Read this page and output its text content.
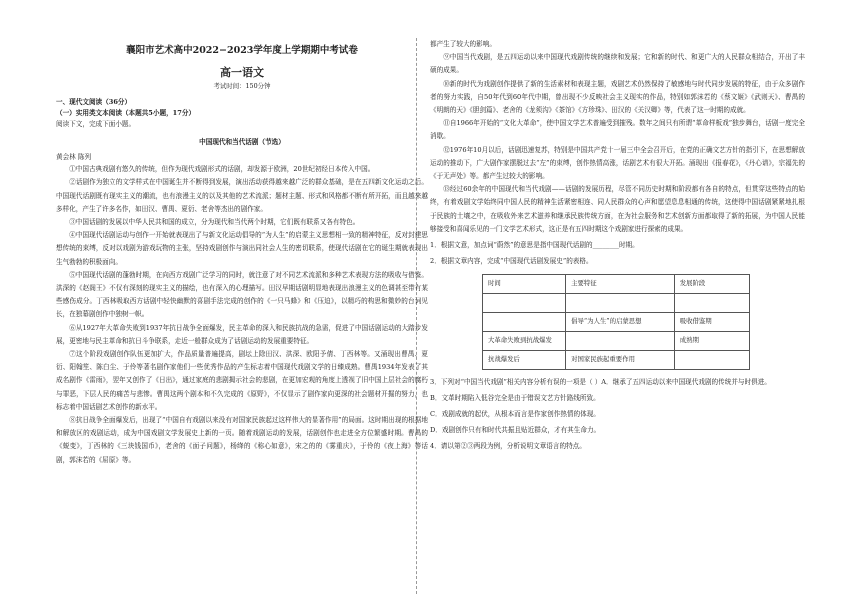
襄阳市艺术高中2022−2023学年度上学期期中考试卷
高一语文
考试时间：150分钟
一、现代文阅读（36分）
（一）实用类文本阅读（本题共5小题，17分）
阅读下文，完成下面小题。
中国现代和当代话剧（节选）
黄会林 陈列

①中国古典戏剧有悠久的传统，但作为现代戏剧形式的话剧，却发源于欧洲，20世纪初经日本传入中国。

②话剧作为独立的文学样式在中国诞生并不断得到发展，演出活动获得越来越广泛的群众基础，是在五四新文化运动之后。中国现代话剧既有现实主义的潮流，也有浪漫主义的以及其他的艺术流派；题材主题、形式和风格都不断有所开拓，而且越来越多样化，产生了许多名作，如田汉、曹禺、夏衍、老舍等杰出的剧作家。

③中国话剧的发展以中华人民共和国的成立，分为现代和当代两个时期，它们既有联系又各有特色。

④中国现代话剧运动与创作一开始就表现出了与新文化运动倡导的“为人生”的启蒙主义思想相一致的精神特征，反对封建思想传统的束缚，反对以戏剧为游戏玩物的主张，坚持戏剧创作与演出同社会人生的密切联系，使现代话剧在它的诞生期就表现出生气勃勃的积极面向。

⑤中国现代话剧的蓬勃时期，在向西方戏剧广泛学习的同时，就注意了对不同艺术流派和多种艺术表现方法的吸收与借鉴。洪深的《赵阁王》不仅有深刻的现实主义的描绘，也有深入的心理描写。田汉早期话剧明显地表现出浪漫主义的色调甚至带有某些感伤成分。丁西林吸取西方话剧中轻快幽默的喜剧手法完成的创作的《一只马蜂》和《压迫》，以精巧的构思和微妙的台词见长，在独幕剧创作中独树一帜。

⑥从1927年大革命失败到1937年抗日战争全面爆发，民主革命的深入和民族抗战的急需，促进了中国话剧运动的大踏步发展，更密地与民主革命和抗日斗争联系，走近一般群众成为了话剧运动的发展重要特征。

⑦这个阶段戏剧创作队伍更加扩大，作品质量普遍提高，剧坛上除田汉、洪深、欧阳予倩、丁西林等。又涌现出曹禺、夏衍、阳翰笙、陈白尘、于伶等著名剧作家他们一些优秀作品的产生标志着中国现代戏剧文学的日臻成熟。曹禺1934年发表了其成名剧作《雷雨》，翌年又创作了《日出》，通过家庭的悲剧揭示社会的悲剧，在更加宏观的角度上透视了旧中国上层社会的腐朽与罪恶，下层人民的痛苦与悲惨。曹禺这两个剧本和不久完成的《原野》，不仅显示了剧作家向更深的社会题材开掘的努力，也标志着中国话剧艺术创作的新水平。

⑧抗日战争全面爆发后，出现了“中国自有戏剧以来没有对国家民族起过这样伟大的显著作用”的局面。这时期出现的根据地和解放区的戏剧运动，成为中国戏剧文学发展史上新的一页。随着戏剧运动的发展，话剧创作也走进全方位繁盛时期。曹禺的《蜕变》，丁西林的《三块钱国币》，老舍的《面子问题》，杨绛的《称心如意》，宋之的的《雾重庆》，于伶的《夜上海》等话剧，郭沫若的《屈原》等。

都产生了较大的影响。

⑨中国当代戏剧，是五四运动以来中国现代戏剧传统的继续和发展；它和新的时代、和更广大的人民群众相结合，开出了丰硕的成果。

⑩新的时代为戏剧创作提供了新的生活素材和表现主题，戏剧艺术仍然保持了敏感地与时代同步发展的特征，由于众多剧作者的努力实践，自50年代到60年代中期，曾出现不少反映社会主义现实的作品，特别如郭沫若的《蔡文姬》《武则天》、曹禺的《明朗的天》《胆剑篇》、老舍的《龙须沟》《茶馆》《方珍珠》、田汉的《关汉卿》等，代表了这一时期的成就。

⑪自1966年开始的“文化大革命”，使中国文学艺术普遍受到摧残。数年之间只有所谓“革命样板戏”独步舞台，话剧一度完全消歇。

⑫1976年10月以后，话剧迅速复苏，特别是中国共产党十一届三中全会召开后，在党的正确文艺方针的指引下，在思想解放运动的推动下，广大剧作家摆脱过去“左”的束缚，创作热情高涨，话剧艺术有很大开拓。涌现出《报春花》，《丹心谱》，宗福先的《于无声处》等。都产生过较大的影响。

⑬经过60余年的中国现代和当代戏剧——话剧的发展历程，尽管不同历史时期和阶段都有各自的特点，但贯穿这些特点的始终，有着戏剧文学始终同中国人民的精神生活紧密相连、同人民群众的心声和愿望息息相通的传统，这使得中国话剧紧紧地扎根于民族的土壤之中，在吸收外来艺术滋养和继承民族传统方面，在为社会服务和艺术创新方面都取得了新的拓展，为中国人民能够接受和喜闻乐见的一门文学艺术形式，这正是有五四时期这个戏剧家进行探索的成果。

1．根据文意，加点词“蔚然”的意思是指中国现代话剧的________时期。

2．根据文章内容，完成“中国现代话剧发展史”的表格。

时间	主要特征	发展阶段

	倡导“为人生”的启蒙思想	吸收借鉴期
大革命失败到抗战爆发		成熟期
抗战爆发后	对国家民族起重要作用	

3．下列对“中国当代戏剧”相关内容分析有误的一项是（ ）A．继承了五四运动以来中国现代戏剧的传统并与时俱进。

B．文革时期陷入低谷完全是由于错误文艺方针路线所致。

C．戏剧成就的起伏，从根本而言是作家创作热情的体现。

D．戏剧创作只有和时代共振且贴近群众，才有其生命力。

4．请以第②③两段为例，分析说明文章语言的特点。
